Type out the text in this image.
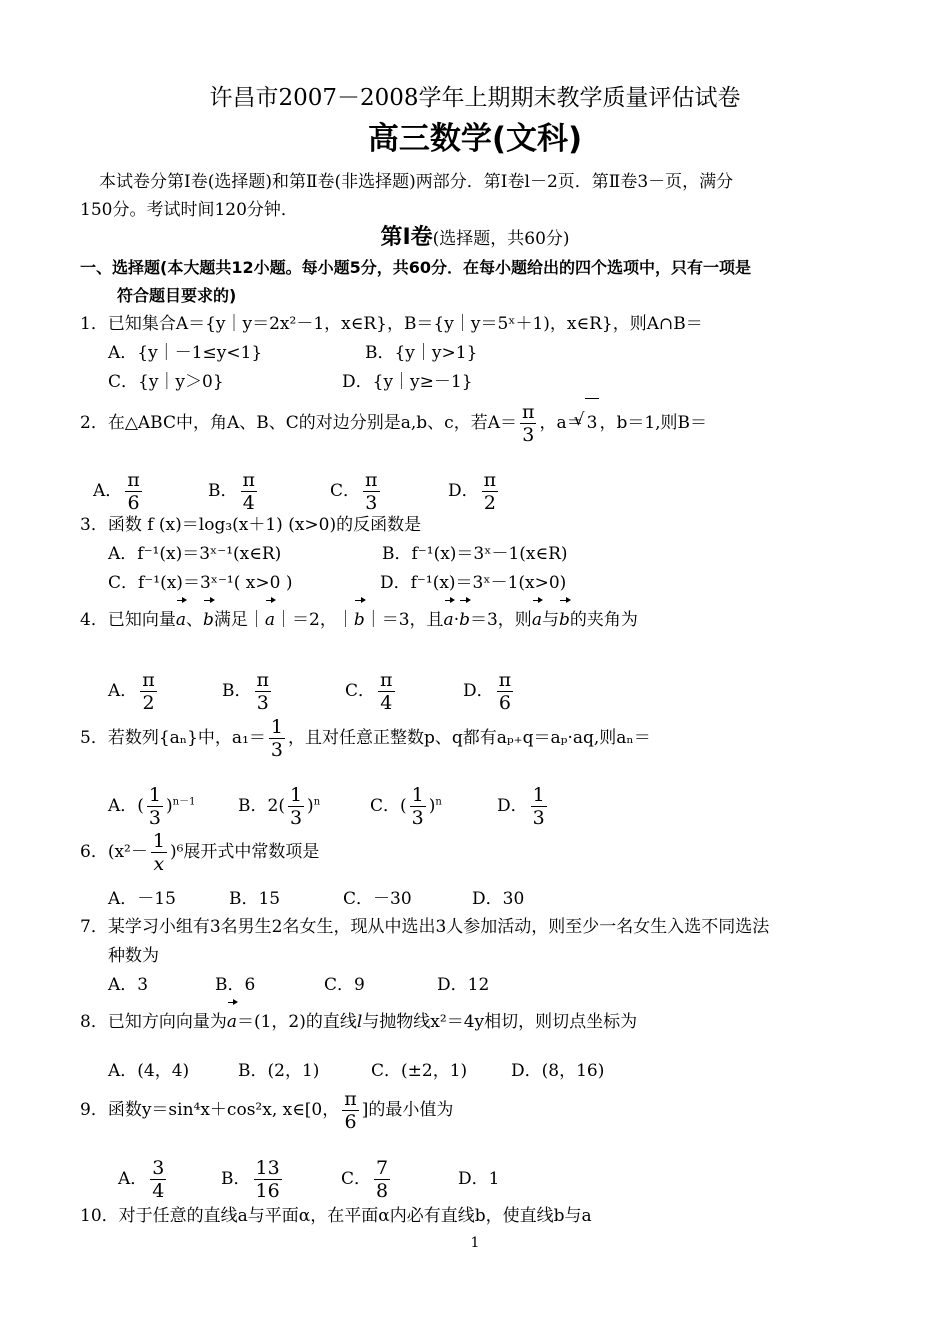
许昌市2007－2008学年上期期末教学质量评估试卷
高三数学(文科)
本试卷分第Ⅰ卷(选择题)和第Ⅱ卷(非选择题)两部分．第Ⅰ卷l－2页．第Ⅱ卷3－页，满分
150分。考试时间120分钟．
第Ⅰ卷(选择题，共60分)
一、选择题(本大题共12小题。每小题5分，共60分．在每小题给出的四个选项中，只有一项是
符合题目要求的)
1．已知集合A＝{y｜y＝2x²－1，x∈R}，B＝{y｜y＝5ˣ＋1)，x∈R}，则A∩B＝
A．{y｜－1≤y<1}	B．{y｜y>1}
C．{y｜y＞0}	D．{y｜y≥－1}
2．在△ABC中，角A、B、C的对边分别是a,b、c，若$A= \frac{\pi}{3}$ ，a＝√ 3 ，b＝1,则B＝
A． $\frac{\pi}{6}$	B． $\frac{\pi}{4}$	C． $\frac{\pi}{3}$	D． $\frac{\pi}{2}$
3．函数 f (x)＝log₃(x＋1) (x>0)的反函数是
A．f⁻¹(x)＝3ˣ⁻¹(x∈R)	B．f⁻¹(x)＝3ˣ－1(x∈R)
C．f⁻¹(x)＝3ˣ⁻¹( x>0 )	D．f⁻¹(x)＝3ˣ－1(x>0)
4．已知向量a、b满足｜a｜＝2，｜b｜＝3，且a·b＝3，则a与b的夹角为
A． $\frac{\pi}{2}$	B． $\frac{\pi}{3}$	C． $\frac{\pi}{4}$	D． $\frac{\pi}{6}$
5．若数列{aₙ}中，$a_1= \frac{1}{3}$ ，且对任意正整数p、q都有aₚ₊q＝aₚ·aq,则aₙ＝
A．( $\frac{1}{3} )^{n-1}$	B．$2( \frac{1}{3} )^n$	C．( $\frac{1}{3} )^n$	D． $\frac{1}{3}$
6．$(x^2- \frac{1}{x} )^6$展开式中常数项是
A．－15	B．15	C．－30	D．30
7．某学习小组有3名男生2名女生，现从中选出3人参加活动，则至少一名女生入选不同选法
种数为
A．3	B．6	C．9	D．12
8．已知方向向量为a＝(1，2)的直线l与抛物线x²＝4y相切，则切点坐标为
A．(4，4)	B．(2，1)	C．(±2，1)	D．(8，16)
9．函数y＝sin⁴x＋cos²x, x∈[0， $\frac{\pi}{6}$ ]的最小值为
A． $\frac{3}{4}$	B． $\frac{13}{16}$	C． $\frac{7}{8}$	D．1
10．对于任意的直线a与平面α，在平面α内必有直线b，使直线b与a
1
